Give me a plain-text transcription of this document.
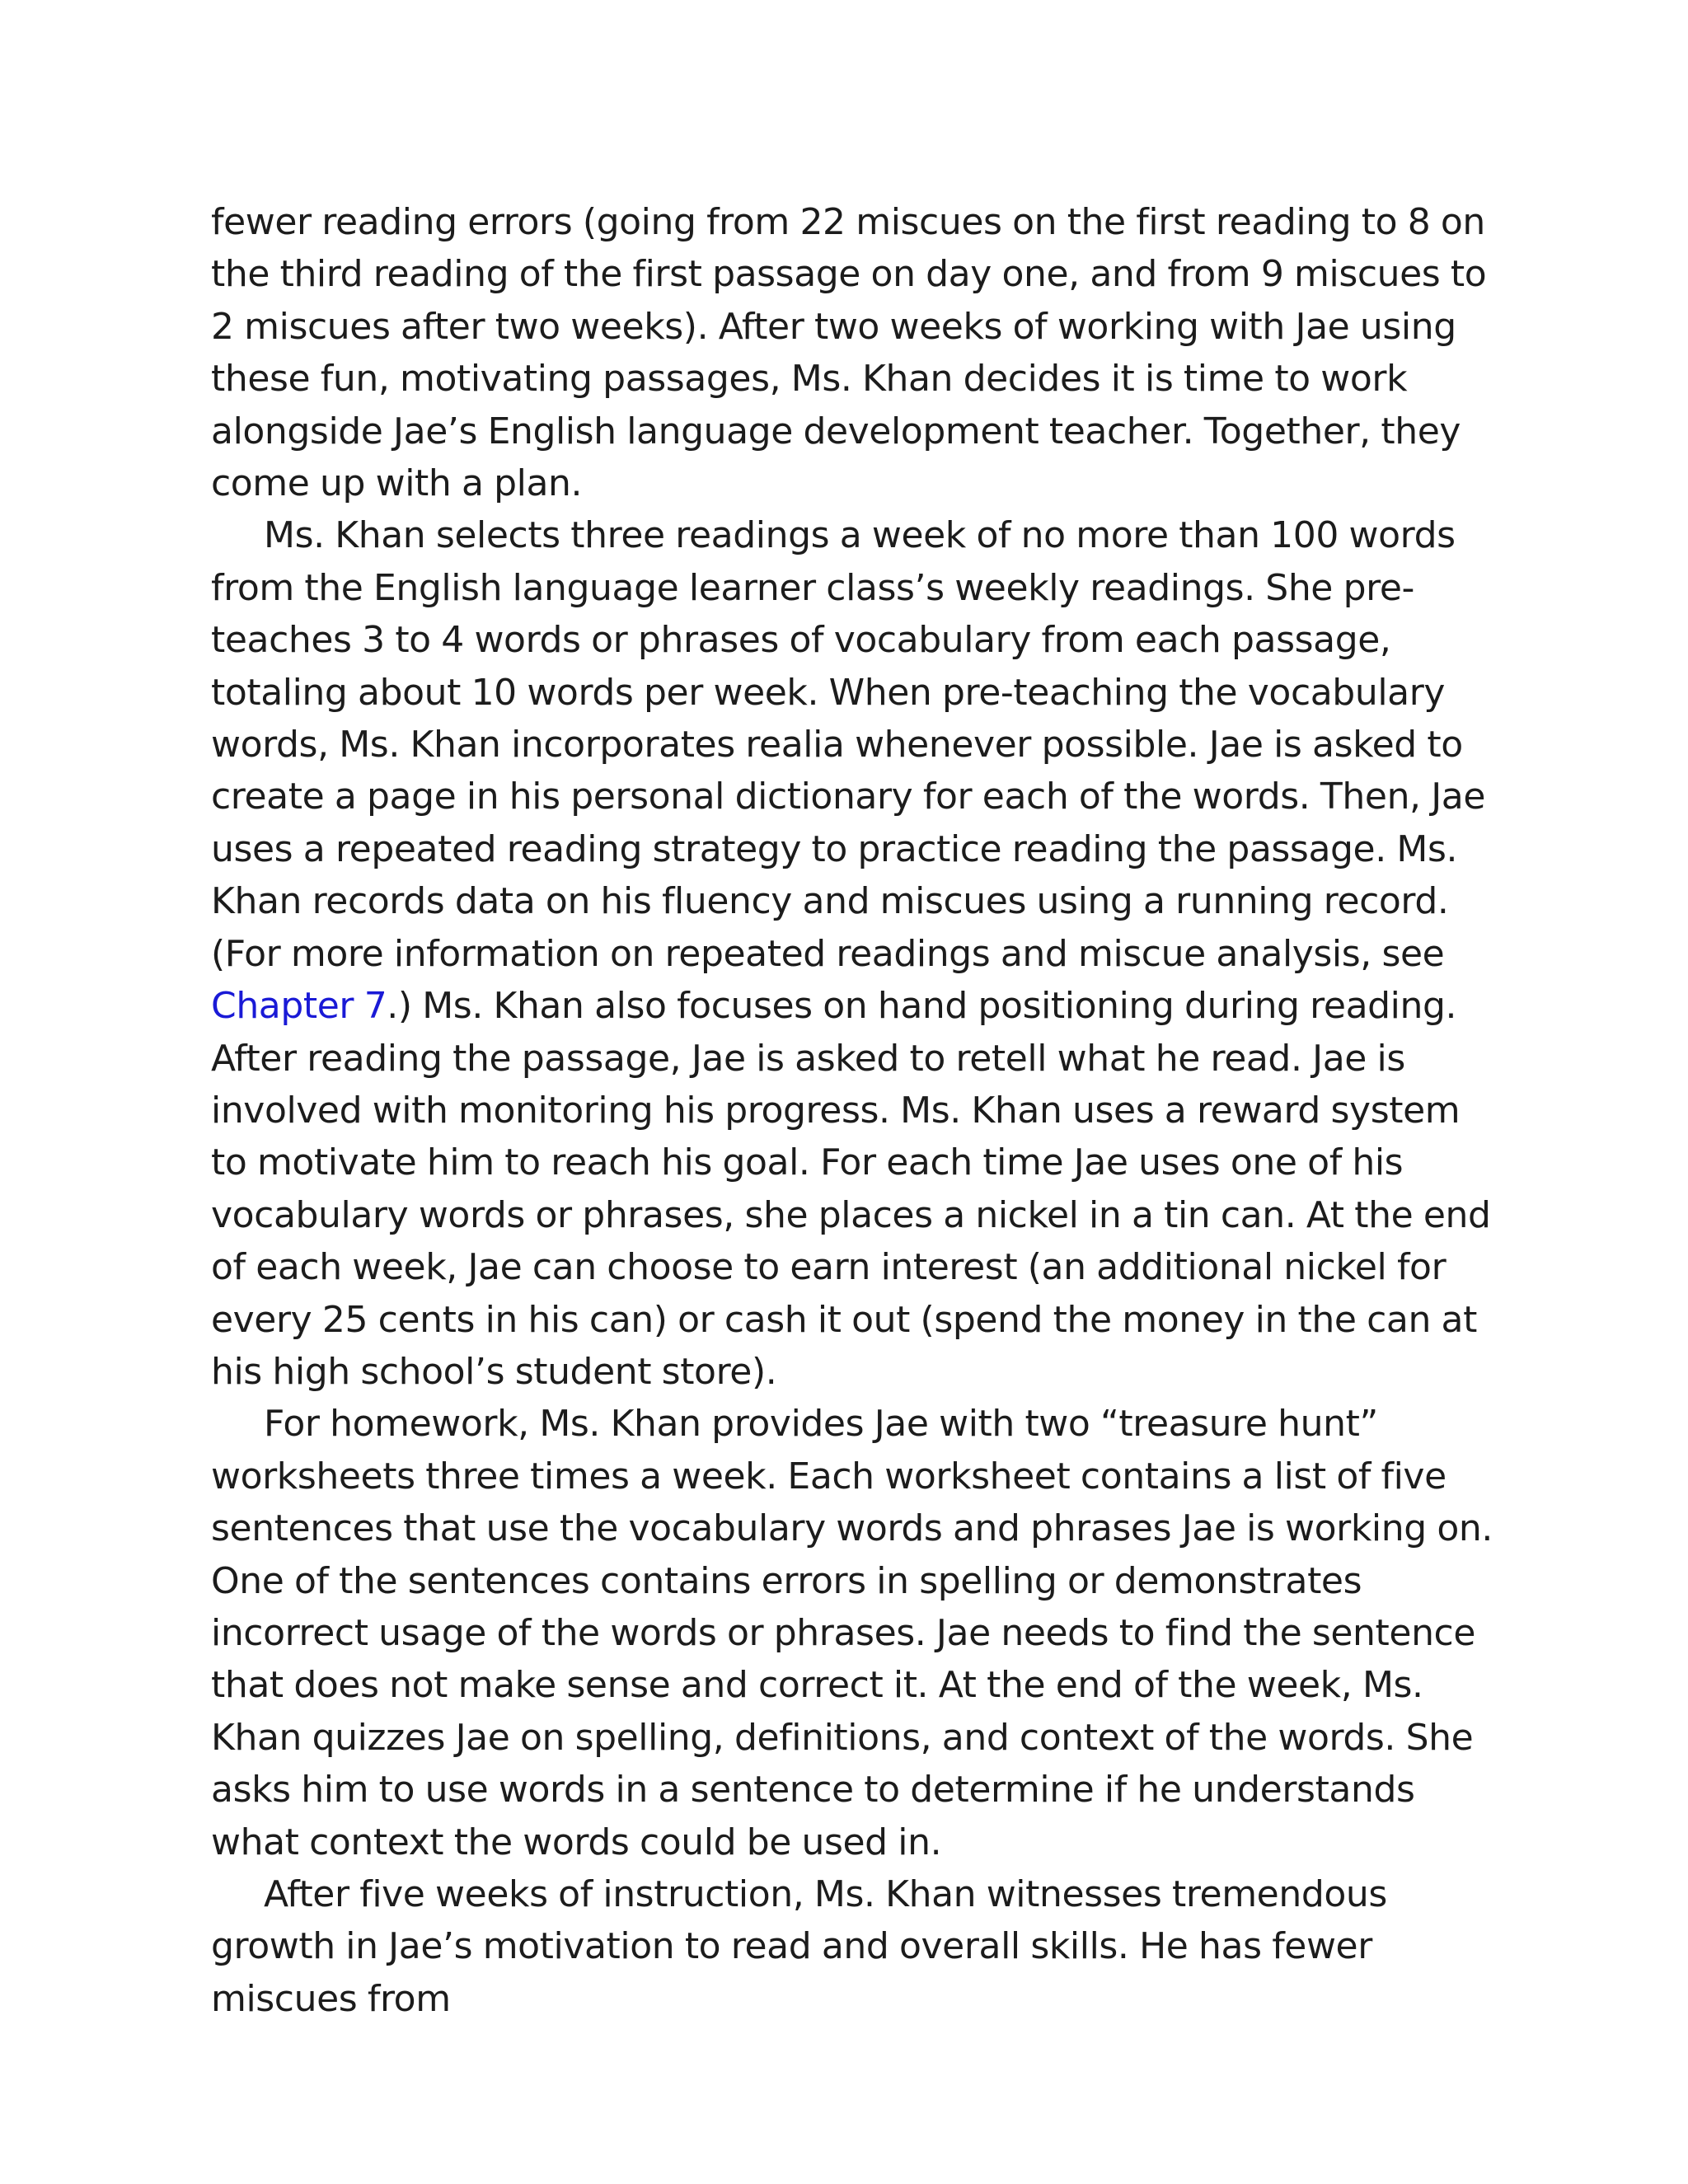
fewer reading errors (going from 22 miscues on the first reading to 8 on the third reading of the first passage on day one, and from 9 miscues to 2 miscues after two weeks). After two weeks of working with Jae using these fun, motivating passages, Ms. Khan decides it is time to work alongside Jae’s English language development teacher. Together, they come up with a plan.

Ms. Khan selects three readings a week of no more than 100 words from the English language learner class’s weekly readings. She pre-teaches 3 to 4 words or phrases of vocabulary from each passage, totaling about 10 words per week. When pre-teaching the vocabulary words, Ms. Khan incorporates realia whenever possible. Jae is asked to create a page in his personal dictionary for each of the words. Then, Jae uses a repeated reading strategy to practice reading the passage. Ms. Khan records data on his fluency and miscues using a running record. (For more information on repeated readings and miscue analysis, see Chapter 7.) Ms. Khan also focuses on hand positioning during reading. After reading the passage, Jae is asked to retell what he read. Jae is involved with monitoring his progress. Ms. Khan uses a reward system to motivate him to reach his goal. For each time Jae uses one of his vocabulary words or phrases, she places a nickel in a tin can. At the end of each week, Jae can choose to earn interest (an additional nickel for every 25 cents in his can) or cash it out (spend the money in the can at his high school’s student store).

For homework, Ms. Khan provides Jae with two “treasure hunt” worksheets three times a week. Each worksheet contains a list of five sentences that use the vocabulary words and phrases Jae is working on. One of the sentences contains errors in spelling or demonstrates incorrect usage of the words or phrases. Jae needs to find the sentence that does not make sense and correct it. At the end of the week, Ms. Khan quizzes Jae on spelling, definitions, and context of the words. She asks him to use words in a sentence to determine if he understands what context the words could be used in.

After five weeks of instruction, Ms. Khan witnesses tremendous growth in Jae’s motivation to read and overall skills. He has fewer miscues from
